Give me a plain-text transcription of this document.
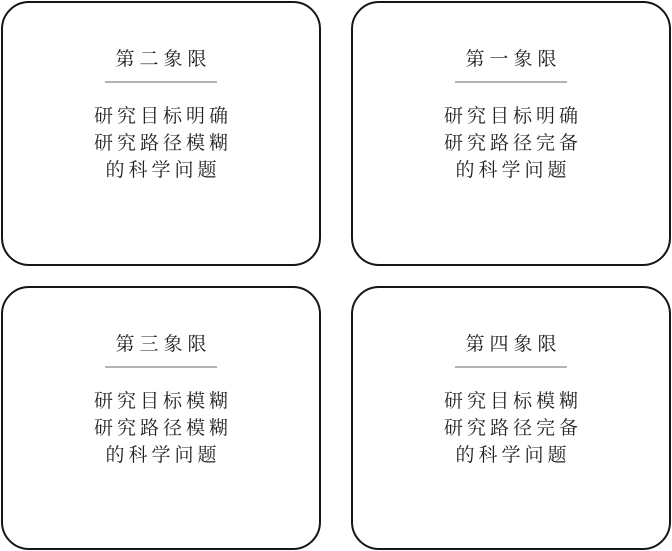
第二象限
研究目标明确
研究路径模糊
的科学问题
第一象限
研究目标明确
研究路径完备
的科学问题
第三象限
研究目标模糊
研究路径模糊
的科学问题
第四象限
研究目标模糊
研究路径完备
的科学问题
